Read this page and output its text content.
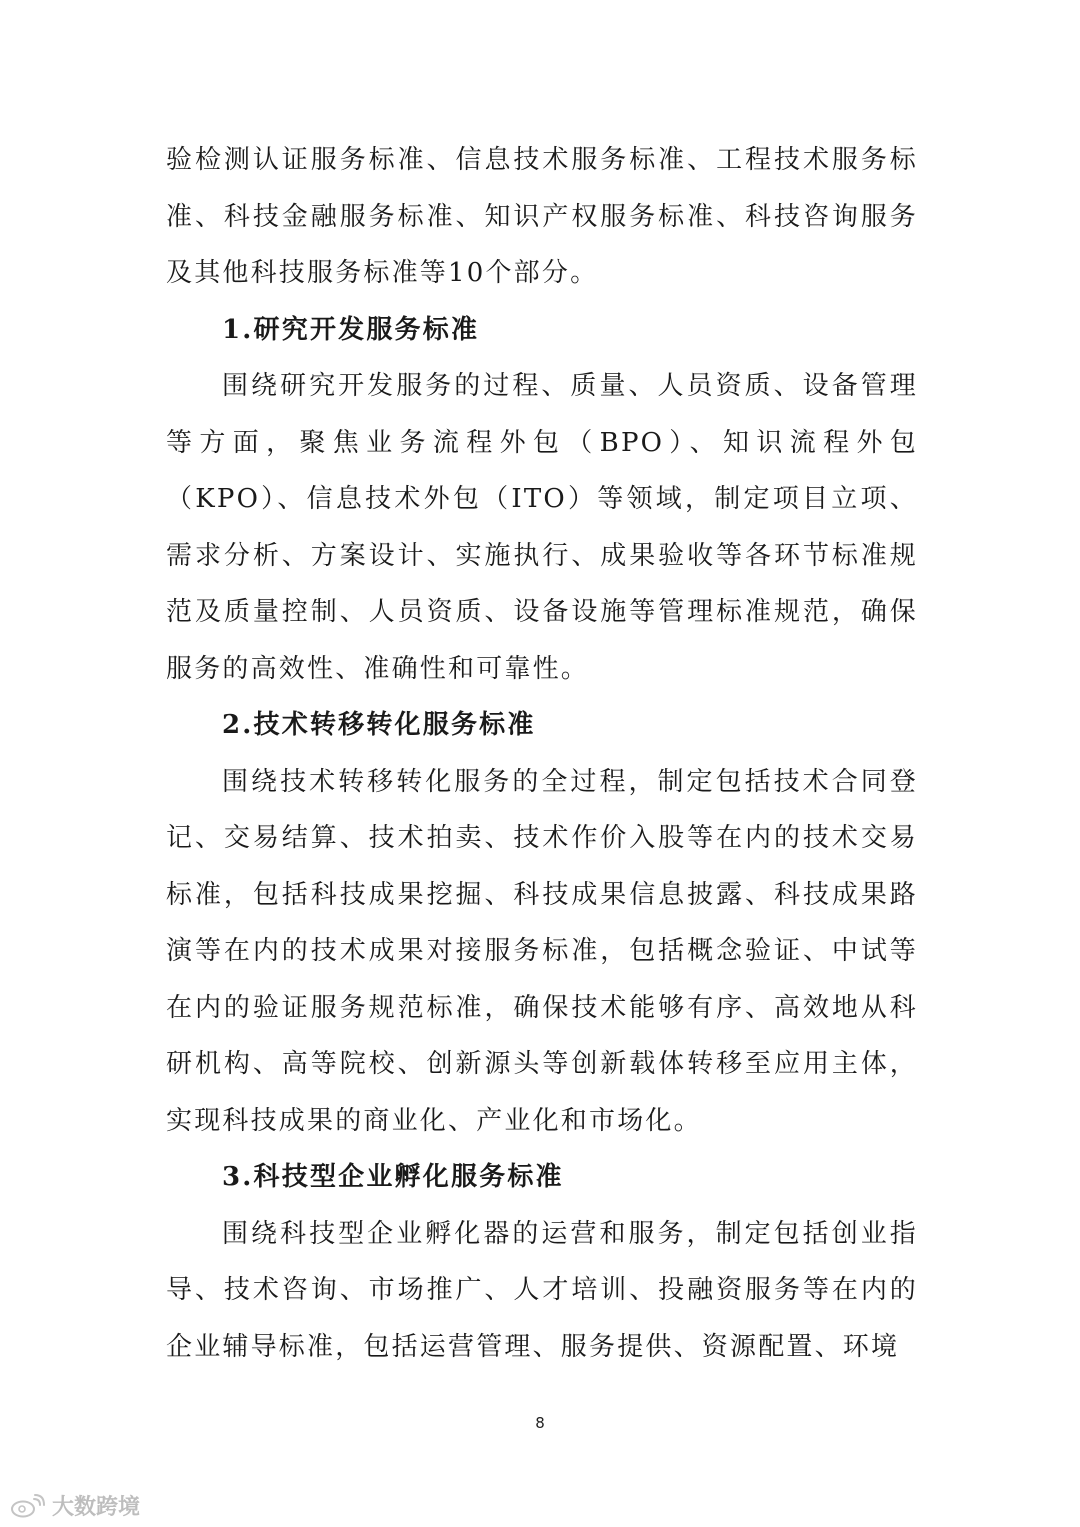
验检测认证服务标准、信息技术服务标准、工程技术服务标准、科技金融服务标准、知识产权服务标准、科技咨询服务及其他科技服务标准等10个部分。

1.研究开发服务标准

围绕研究开发服务的过程、质量、人员资质、设备管理等方面，聚焦业务流程外包（BPO）、知识流程外包（KPO）、信息技术外包（ITO）等领域，制定项目立项、需求分析、方案设计、实施执行、成果验收等各环节标准规范及质量控制、人员资质、设备设施等管理标准规范，确保服务的高效性、准确性和可靠性。

2.技术转移转化服务标准

围绕技术转移转化服务的全过程，制定包括技术合同登记、交易结算、技术拍卖、技术作价入股等在内的技术交易标准，包括科技成果挖掘、科技成果信息披露、科技成果路演等在内的技术成果对接服务标准，包括概念验证、中试等在内的验证服务规范标准，确保技术能够有序、高效地从科研机构、高等院校、创新源头等创新载体转移至应用主体，实现科技成果的商业化、产业化和市场化。

3.科技型企业孵化服务标准

围绕科技型企业孵化器的运营和服务，制定包括创业指导、技术咨询、市场推广、人才培训、投融资服务等在内的企业辅导标准，包括运营管理、服务提供、资源配置、环境

8
大数跨境
